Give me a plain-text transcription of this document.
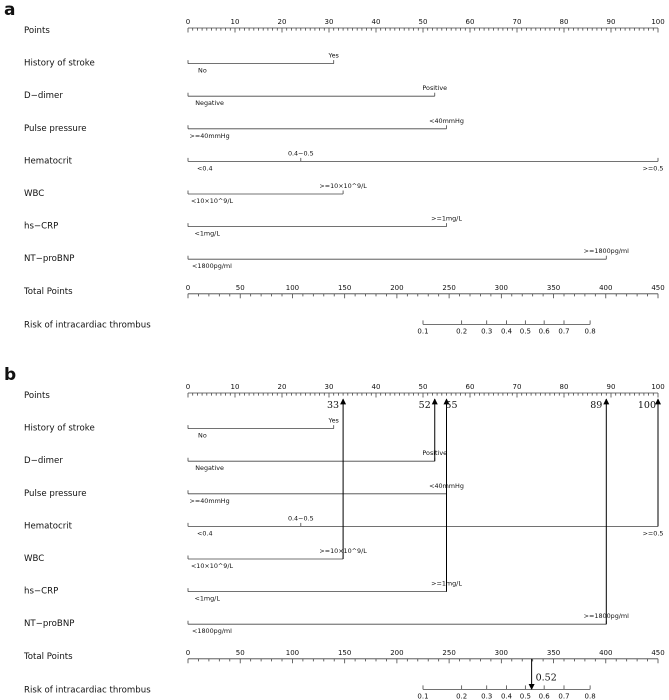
a
Points
0	10	20	30	40	50	60	70	80	90	100
History of stroke
No
Yes
D−dimer
Negative
Positive
Pulse pressure
>=40mmHg
<40mmHg
Hematocrit
<0.4
0.4−0.5
>=0.5
WBC
<10×10^9/L
>=10×10^9/L
hs−CRP
<1mg/L
>=1mg/L
NT−proBNP
<1800pg/ml
>=1800pg/ml
Total Points	0	50	100	150	200	250	300	350	400	450
Risk of intracardiac thrombus
0.1	0.2 0.3 0.4 0.5 0.6 0.7 0.8
b
Points
0	10	20	30	40	50	60	70	80	90	100
History of stroke
No
Yes
D−dimer
Negative
Positive
Pulse pressure
>=40mmHg
<40mmHg
Hematocrit
<0.4
0.4−0.5
>=0.5
WBC
<10×10^9/L
>=10×10^9/L
hs−CRP
<1mg/L
>=1mg/L
NT−proBNP
<1800pg/ml
>=1800pg/ml
Total Points	0	50	100	150	200	250	300	350	400	450
Risk of intracardiac thrombus
0.1	0.2 0.3 0.4 0.5 0.6 0.7 0.8
33	52 55	89	100
0.52
